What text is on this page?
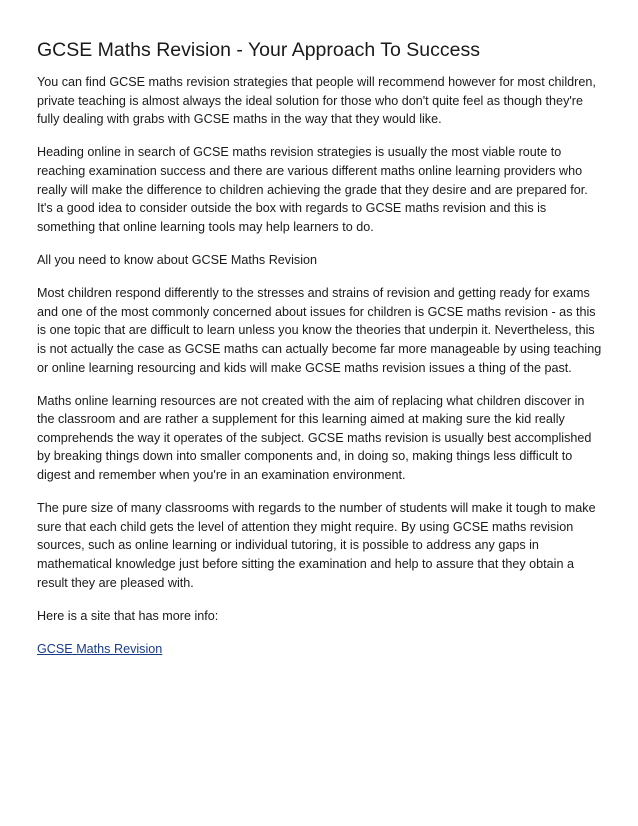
GCSE Maths Revision - Your Approach To Success

You can find GCSE maths revision strategies that people will recommend however for most children, private teaching is almost always the ideal solution for those who don't quite feel as though they're fully dealing with grabs with GCSE maths in the way that they would like.

Heading online in search of GCSE maths revision strategies is usually the most viable route to reaching examination success and there are various different maths online learning providers who really will make the difference to children achieving the grade that they desire and are prepared for. It's a good idea to consider outside the box with regards to GCSE maths revision and this is something that online learning tools may help learners to do.

All you need to know about GCSE Maths Revision

Most children respond differently to the stresses and strains of revision and getting ready for exams and one of the most commonly concerned about issues for children is GCSE maths revision - as this is one topic that are difficult to learn unless you know the theories that underpin it. Nevertheless, this is not actually the case as GCSE maths can actually become far more manageable by using teaching or online learning resourcing and kids will make GCSE maths revision issues a thing of the past.

Maths online learning resources are not created with the aim of replacing what children discover in the classroom and are rather a supplement for this learning aimed at making sure the kid really comprehends the way it operates of the subject. GCSE maths revision is usually best accomplished by breaking things down into smaller components and, in doing so, making things less difficult to digest and remember when you're in an examination environment.

The pure size of many classrooms with regards to the number of students will make it tough to make sure that each child gets the level of attention they might require. By using GCSE maths revision sources, such as online learning or individual tutoring, it is possible to address any gaps in mathematical knowledge just before sitting the examination and help to assure that they obtain a result they are pleased with.

Here is a site that has more info:

GCSE Maths Revision
